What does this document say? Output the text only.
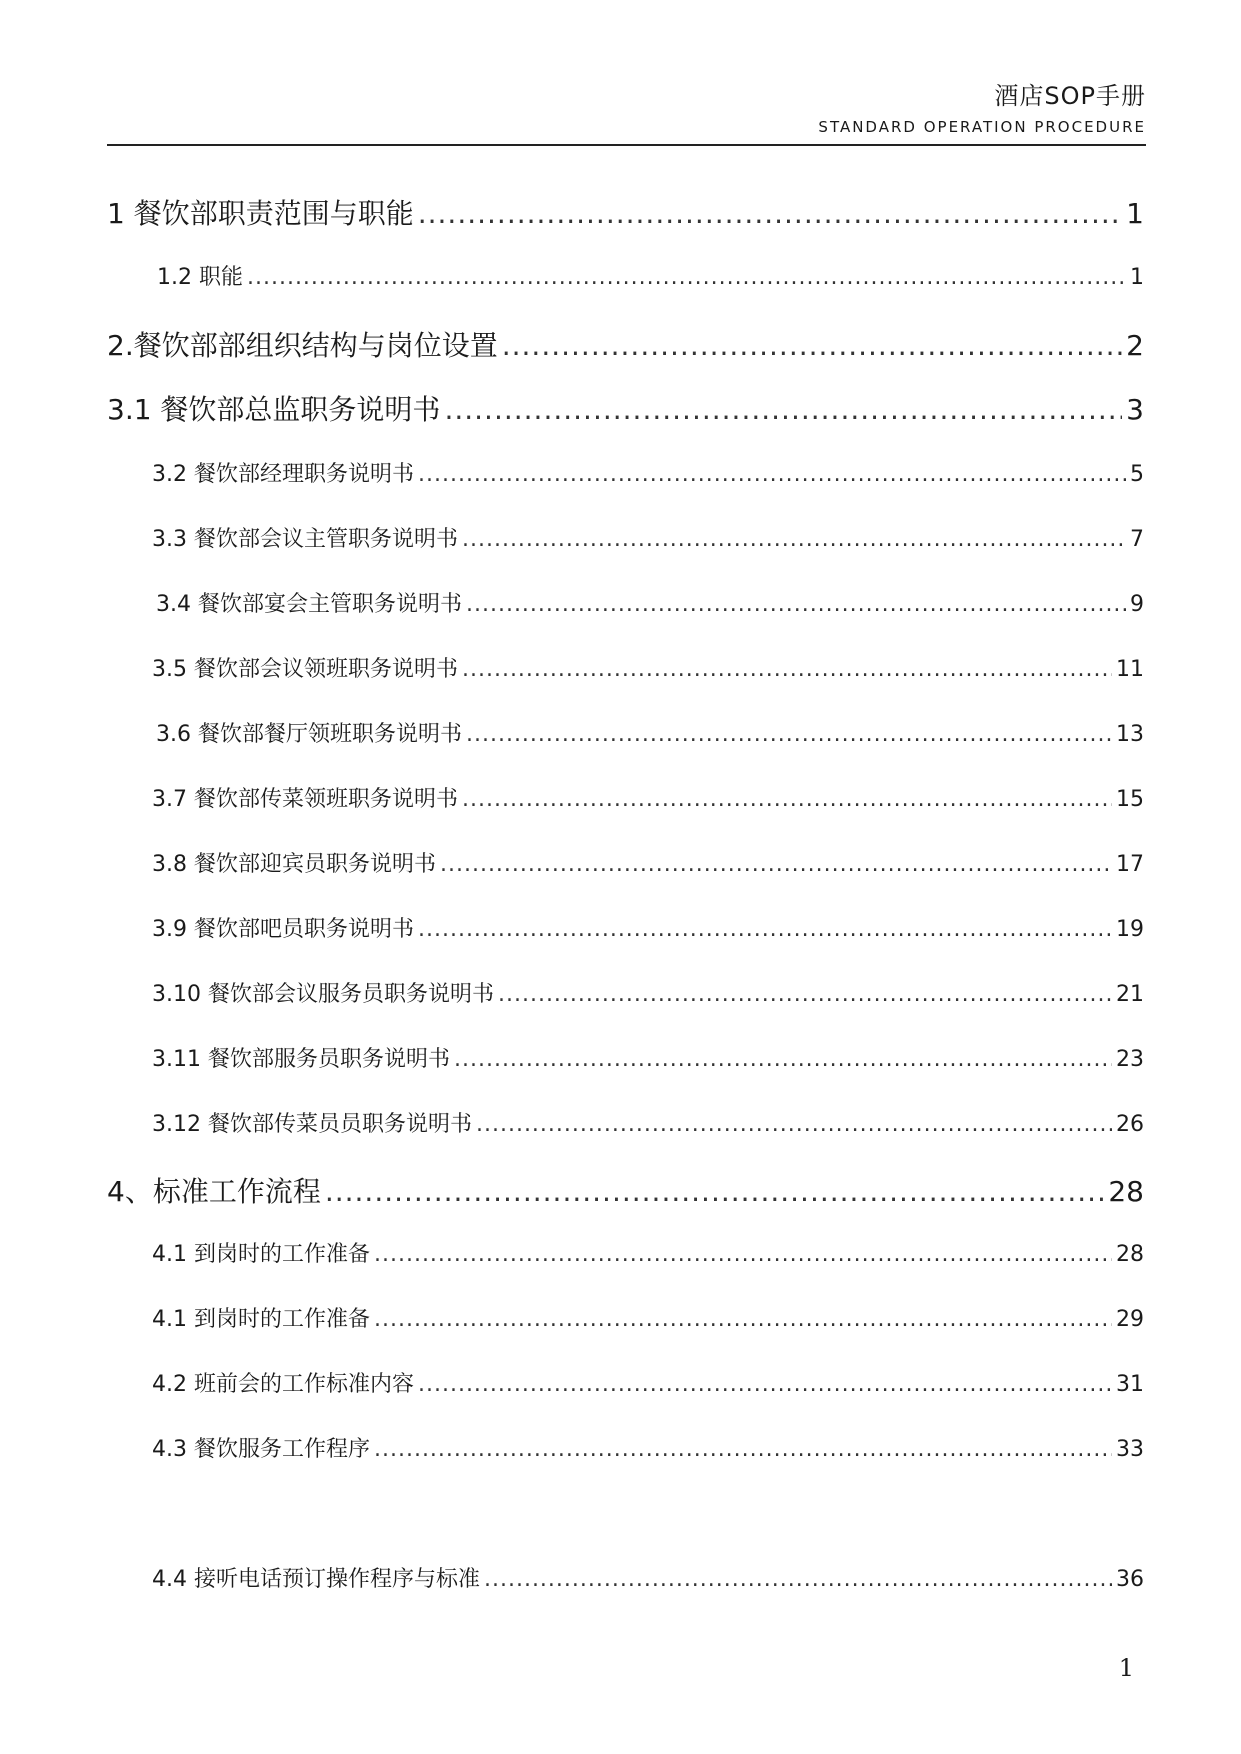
酒店SOP手册
STANDARD OPERATION PROCEDURE
1 餐饮部职责范围与职能 .....	1
1.2 职能 .....	1
2.餐饮部部组织结构与岗位设置 .....	2
3.1 餐饮部总监职务说明书 .....	3
3.2 餐饮部经理职务说明书 .....	5
3.3 餐饮部会议主管职务说明书 .....	7
3.4 餐饮部宴会主管职务说明书 .....	9
3.5 餐饮部会议领班职务说明书 .....	11
3.6 餐饮部餐厅领班职务说明书 .....	13
3.7 餐饮部传菜领班职务说明书 .....	15
3.8 餐饮部迎宾员职务说明书 .....	17
3.9 餐饮部吧员职务说明书 .....	19
3.10 餐饮部会议服务员职务说明书 .....	21
3.11 餐饮部服务员职务说明书 .....	23
3.12 餐饮部传菜员员职务说明书 .....	26
4、标准工作流程 .....	28
4.1 到岗时的工作准备 .....	28
4.1 到岗时的工作准备 .....	29
4.2 班前会的工作标准内容 .....	31
4.3 餐饮服务工作程序 .....	33
4.4 接听电话预订操作程序与标准 .....	36
1
